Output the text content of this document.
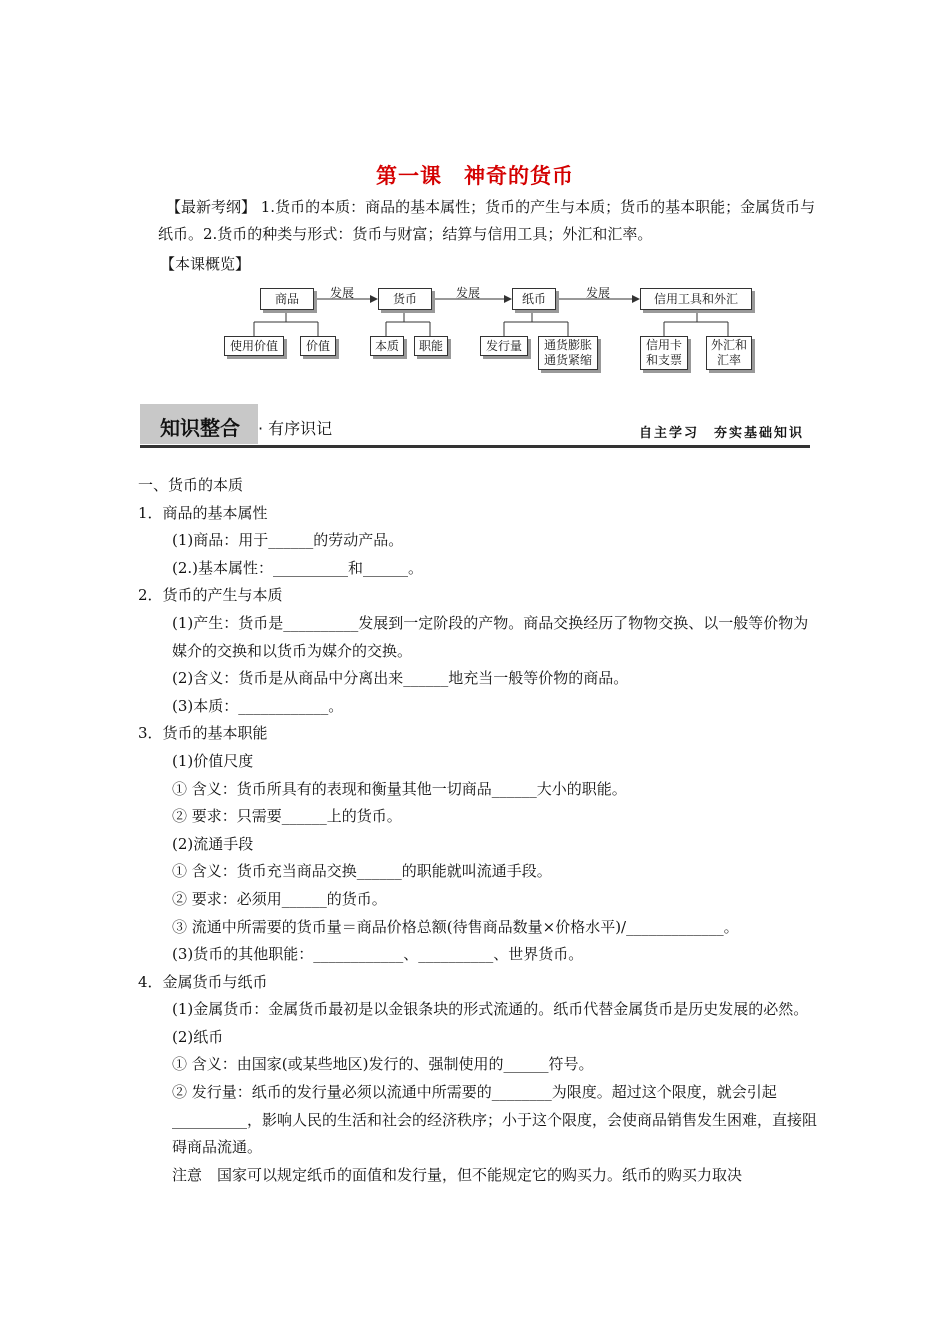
第一课　神奇的货币
【最新考纲】 1.货币的本质：商品的基本属性；货币的产生与本质；货币的基本职能；金属货币与纸币。2.货币的种类与形式：货币与财富；结算与信用工具；外汇和汇率。
【本课概览】
发展	发展	发展
商品	货币	纸币	信用工具和外汇
使用价值	价值	本质	职能	发行量	通货膨胀
通货紧缩
信用卡
和支票
外汇和
汇率
知识整合 · 有序识记	自主学习　夯实基础知识
一、货币的本质
1．商品的基本属性
(1)商品：用于______的劳动产品。
(2.)基本属性：__________和______。
2．货币的产生与本质
(1)产生：货币是__________发展到一定阶段的产物。商品交换经历了物物交换、以一般等价物为媒介的交换和以货币为媒介的交换。
(2)含义：货币是从商品中分离出来______地充当一般等价物的商品。
(3)本质：____________。
3．货币的基本职能
(1)价值尺度
① 含义：货币所具有的表现和衡量其他一切商品______大小的职能。
② 要求：只需要______上的货币。
(2)流通手段
① 含义：货币充当商品交换______的职能就叫流通手段。
② 要求：必须用______的货币。
③ 流通中所需要的货币量＝商品价格总额(待售商品数量×价格水平)/_____________。
(3)货币的其他职能：____________、__________、世界货币。
4．金属货币与纸币
(1)金属货币：金属货币最初是以金银条块的形式流通的。纸币代替金属货币是历史发展的必然。
(2)纸币
① 含义：由国家(或某些地区)发行的、强制使用的______符号。
② 发行量：纸币的发行量必须以流通中所需要的________为限度。超过这个限度，就会引起__________，影响人民的生活和社会的经济秩序；小于这个限度，会使商品销售发生困难，直接阻碍商品流通。
注意　国家可以规定纸币的面值和发行量，但不能规定它的购买力。纸币的购买力取决
